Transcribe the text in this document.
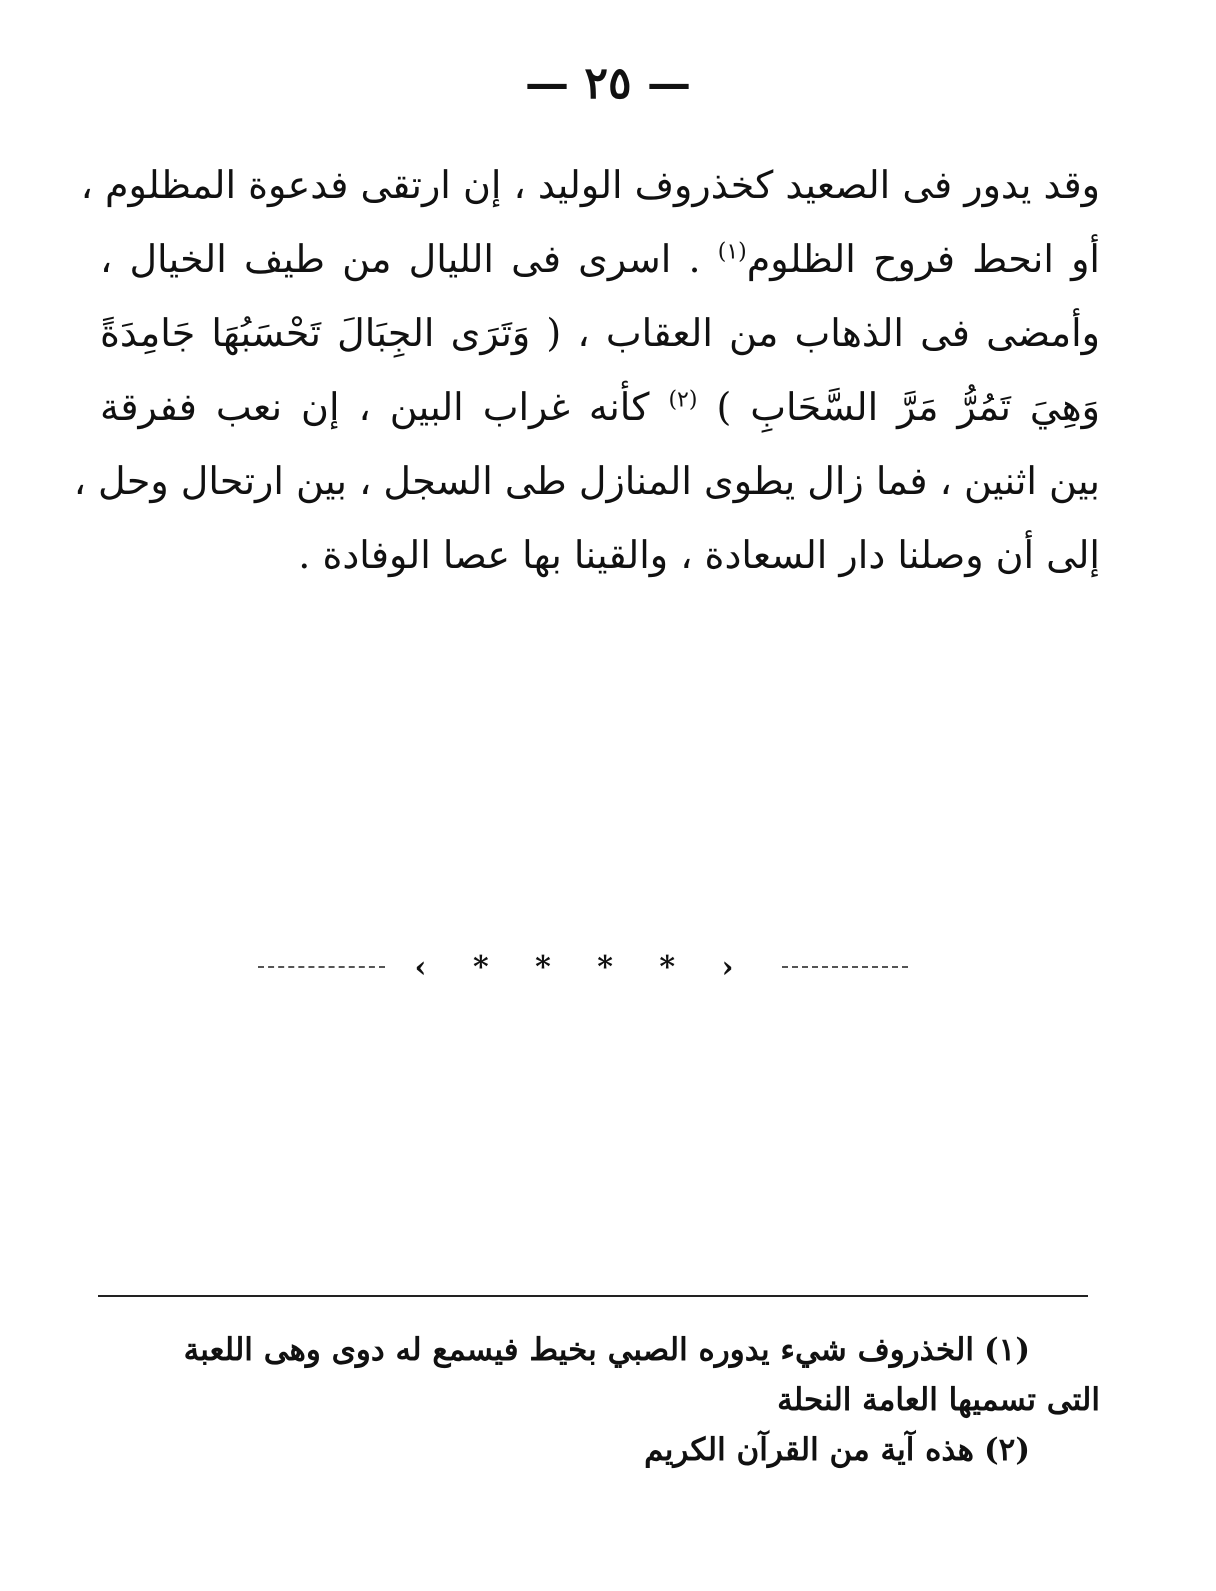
— ٢٥ —
وقد يدور فى الصعيد كخذروف الوليد ، إن ارتقى فدعوة المظلوم ،
أو انحط فروح الظلوم$^{(١)}$ . اسرى فى الليال من طيف الخيال ،
وأمضى فى الذهاب من العقاب ، ( وَتَرَى الجِبَالَ تَحْسَبُهَا جَامِدَةً
وَهِيَ تَمُرُّ مَرَّ السَّحَابِ ) $^{(٢)}$ كأنه غراب البين ، إن نعب ففرقة
بين اثنين ، فما زال يطوى المنازل طى السجل ، بين ارتحال وحل ،
إلى أن وصلنا دار السعادة ، والقينا بها عصا الوفادة .
‹ * * * * ›

(١)الخذروف شيء يدوره الصبي بخيط فيسمع له دوى وهى اللعبة
التى تسميها العامة النحلة

(٢)هذه آية من القرآن الكريم
